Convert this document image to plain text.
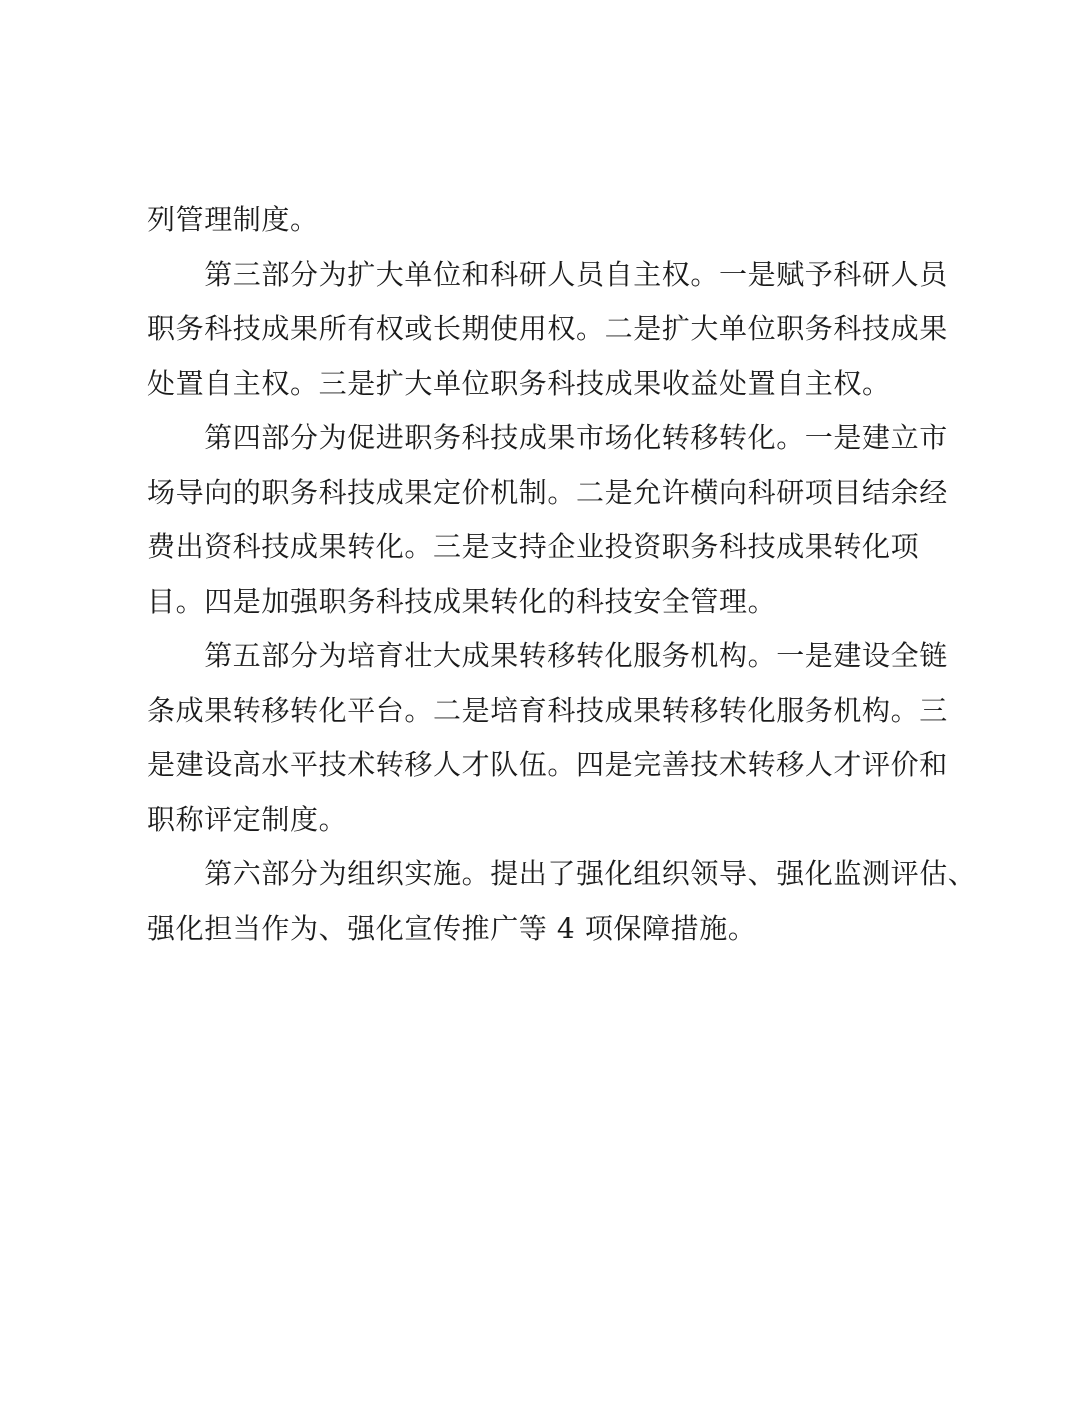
列管理制度。
　　第三部分为扩大单位和科研人员自主权。一是赋予科研人员
职务科技成果所有权或长期使用权。二是扩大单位职务科技成果
处置自主权。三是扩大单位职务科技成果收益处置自主权。
　　第四部分为促进职务科技成果市场化转移转化。一是建立市
场导向的职务科技成果定价机制。二是允许横向科研项目结余经
费出资科技成果转化。三是支持企业投资职务科技成果转化项
目。四是加强职务科技成果转化的科技安全管理。
　　第五部分为培育壮大成果转移转化服务机构。一是建设全链
条成果转移转化平台。二是培育科技成果转移转化服务机构。三
是建设高水平技术转移人才队伍。四是完善技术转移人才评价和
职称评定制度。
　　第六部分为组织实施。提出了强化组织领导、强化监测评估、
强化担当作为、强化宣传推广等 4 项保障措施。
